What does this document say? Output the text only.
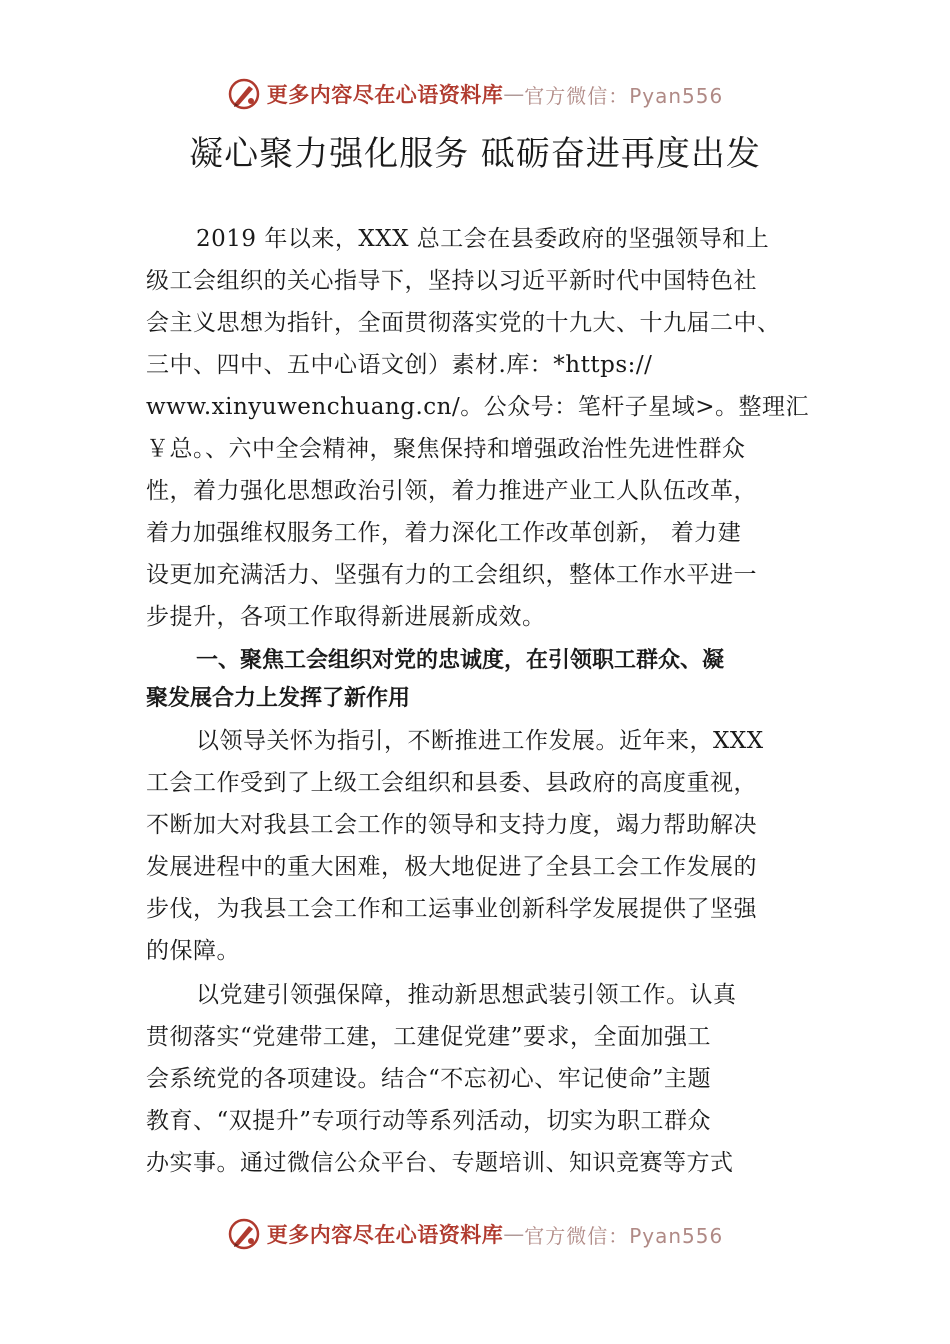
更多内容尽在心语资料库 — 官方微信：Pyan556
凝心聚力强化服务 砥砺奋进再度出发
2019 年以来，XXX 总工会在县委政府的坚强领导和上
级工会组织的关心指导下，坚持以习近平新时代中国特色社
会主义思想为指针，全面贯彻落实党的十九大、十九届二中、
三中、四中、五中心语文创）素材.库：*https://
www.xinyuwenchuang.cn/。公众号：笔杆子星域>。整理汇
￥总。、六中全会精神，聚焦保持和增强政治性先进性群众
性，着力强化思想政治引领，着力推进产业工人队伍改革，
着力加强维权服务工作，着力深化工作改革创新， 着力建
设更加充满活力、坚强有力的工会组织，整体工作水平进一
步提升，各项工作取得新进展新成效。
一、聚焦工会组织对党的忠诚度，在引领职工群众、凝
聚发展合力上发挥了新作用
以领导关怀为指引，不断推进工作发展。近年来，XXX
工会工作受到了上级工会组织和县委、县政府的高度重视，
不断加大对我县工会工作的领导和支持力度，竭力帮助解决
发展进程中的重大困难，极大地促进了全县工会工作发展的
步伐，为我县工会工作和工运事业创新科学发展提供了坚强
的保障。
以党建引领强保障，推动新思想武装引领工作。认真
贯彻落实“党建带工建，工建促党建”要求，全面加强工
会系统党的各项建设。结合“不忘初心、牢记使命”主题
教育、“双提升”专项行动等系列活动，切实为职工群众
办实事。通过微信公众平台、专题培训、知识竞赛等方式
更多内容尽在心语资料库 — 官方微信：Pyan556
